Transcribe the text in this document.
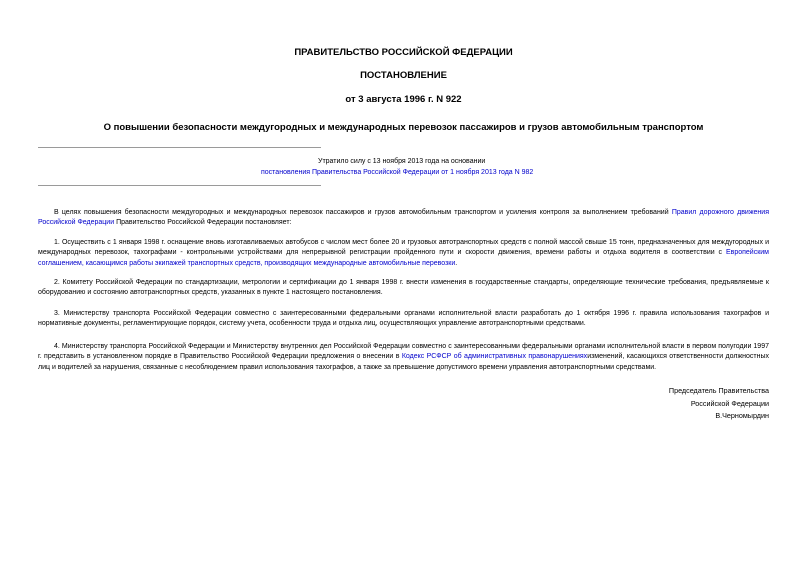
ПРАВИТЕЛЬСТВО РОССИЙСКОЙ ФЕДЕРАЦИИ
ПОСТАНОВЛЕНИЕ
от 3 августа 1996 г. N 922
О повышении безопасности междугородных и международных перевозок пассажиров и грузов автомобильным транспортом
Утратило силу с 13 ноября 2013 года на основании
постановления Правительства Российской Федерации от 1 ноября 2013 года N 982

В целях повышения безопасности междугородных и международных перевозок пассажиров и грузов автомобильным транспортом и усиления контроля за выполнением требований Правил дорожного движения Российской Федерации Правительство Российской Федерации постановляет:

1. Осуществить с 1 января 1998 г. оснащение вновь изготавливаемых автобусов с числом мест более 20 и грузовых автотранспортных средств с полной массой свыше 15 тонн, предназначенных для междугородных и международных перевозок, тахографами - контрольными устройствами для непрерывной регистрации пройденного пути и скорости движения, времени работы и отдыха водителя в соответствии с Европейским соглашением, касающимся работы экипажей транспортных средств, производящих международные автомобильные перевозки.

2. Комитету Российской Федерации по стандартизации, метрологии и сертификации до 1 января 1998 г. внести изменения в государственные стандарты, определяющие технические требования, предъявляемые к оборудованию и состоянию автотранспортных средств, указанных в пункте 1 настоящего постановления.

3. Министерству транспорта Российской Федерации совместно с заинтересованными федеральными органами исполнительной власти разработать до 1 октября 1996 г. правила использования тахографов и нормативные документы, регламентирующие порядок, систему учета, особенности труда и отдыха лиц, осуществляющих управление автотранспортными средствами.

4. Министерству транспорта Российской Федерации и Министерству внутренних дел Российской Федерации совместно с заинтересованными федеральными органами исполнительной власти в первом полугодии 1997 г. представить в установленном порядке в Правительство Российской Федерации предложения о внесении в Кодекс РСФСР об административных правонарушенияхизменений, касающихся ответственности должностных лиц и водителей за нарушения, связанные с несоблюдением правил использования тахографов, а также за превышение допустимого времени управления автотранспортными средствами.

Председатель Правительства
Российской Федерации
В.Черномырдин
